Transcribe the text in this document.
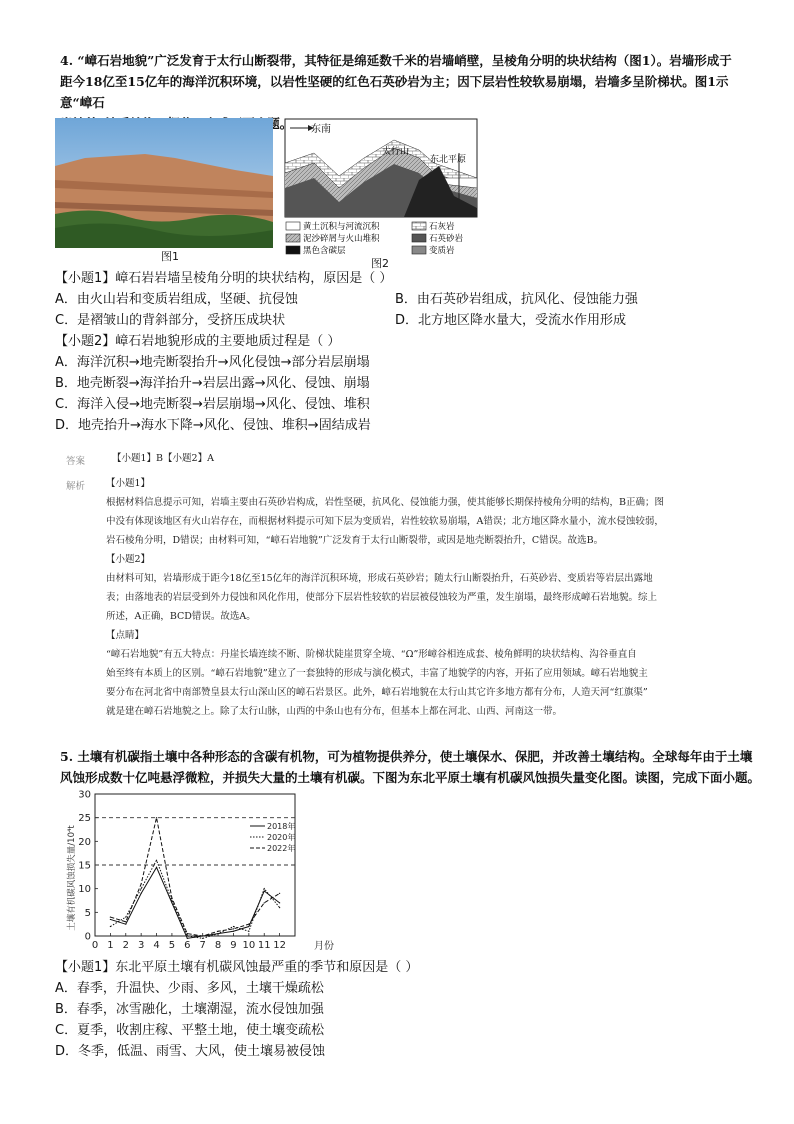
4. “嶂石岩地貌”广泛发育于太行山断裂带，其特征是绵延数千米的岩墙峭壁，呈棱角分明的块状结构（图1）。岩墙形成于
距今18亿至15亿年的海洋沉积环境，以岩性坚硬的红色石英砂岩为主；因下层岩性较软易崩塌，岩墙多呈阶梯状。图1示意“嶂石
图1
东南
太行山
东北平原
黄土沉积与河流沉积	石灰岩
泥沙碎屑与火山堆积	石英砂岩
黑色含碳层	变质岩
图2
【小题1】嶂石岩岩墙呈棱角分明的块状结构，原因是（ ）
A．由火山岩和变质岩组成，坚硬、抗侵蚀	B．由石英砂岩组成，抗风化、侵蚀能力强
C．是褶皱山的背斜部分，受挤压成块状	D．北方地区降水量大，受流水作用形成
【小题2】嶂石岩地貌形成的主要地质过程是（ ）
A．海洋沉积→地壳断裂抬升→风化侵蚀→部分岩层崩塌
B．地壳断裂→海洋抬升→岩层出露→风化、侵蚀、崩塌
C．海洋入侵→地壳断裂→岩层崩塌→风化、侵蚀、堆积
D．地壳抬升→海水下降→风化、侵蚀、堆积→固结成岩
答案	【小题1】B【小题2】A
解析 【小题1】
根据材料信息提示可知，岩墙主要由石英砂岩构成，岩性坚硬，抗风化、侵蚀能力强，使其能够长期保持棱角分明的结构，B正确；图
中没有体现该地区有火山岩存在，而根据材料提示可知下层为变质岩，岩性较软易崩塌，A错误；北方地区降水量小，流水侵蚀较弱，
岩石棱角分明，D错误；由材料可知，“嶂石岩地貌”广泛发育于太行山断裂带，或因是地壳断裂抬升，C错误。故选B。
【小题2】
由材料可知，岩墙形成于距今18亿至15亿年的海洋沉积环境，形成石英砂岩；随太行山断裂抬升，石英砂岩、变质岩等岩层出露地
表；由落地表的岩层受到外力侵蚀和风化作用，使部分下层岩性较软的岩层被侵蚀较为严重，发生崩塌，最终形成嶂石岩地貌。综上
所述，A正确，BCD错误。故选A。
【点睛】
“嶂石岩地貌”有五大特点：丹崖长墙连续不断、阶梯状陡崖贯穿全境、“Ω”形嶂谷相连成套、棱角鲜明的块状结构、沟谷垂直自
始至终有本质上的区别。“嶂石岩地貌”建立了一套独特的形成与演化模式，丰富了地貌学的内容，开拓了应用领域。嶂石岩地貌主
要分布在河北省中南部赞皇县太行山深山区的嶂石岩景区。此外，嶂石岩地貌在太行山其它许多地方都有分布，人造天河“红旗渠”
就是建在嶂石岩地貌之上。除了太行山脉，山西的中条山也有分布，但基本上都在河北、山西、河南这一带。
5. 土壤有机碳指土壤中各种形态的含碳有机物，可为植物提供养分，使土壤保水、保肥，并改善土壤结构。全球每年由于土壤
风蚀形成数十亿吨悬浮微粒，并损失大量的土壤有机碳。下图为东北平原土壤有机碳风蚀损失量变化图。读图，完成下面小题。
土壤有机碳风蚀损失量/10⁴t
月份
0
5
10
15
20
25
30
0 1 2 3 4 5 6 7 8 9 10 11 12
2018年
2020年
2022年
【小题1】东北平原土壤有机碳风蚀最严重的季节和原因是（ ）
A．春季，升温快、少雨、多风，土壤干燥疏松
B．春季，冰雪融化，土壤潮湿，流水侵蚀加强
C．夏季，收割庄稼、平整土地，使土壤变疏松
D．冬季，低温、雨雪、大风，使土壤易被侵蚀
